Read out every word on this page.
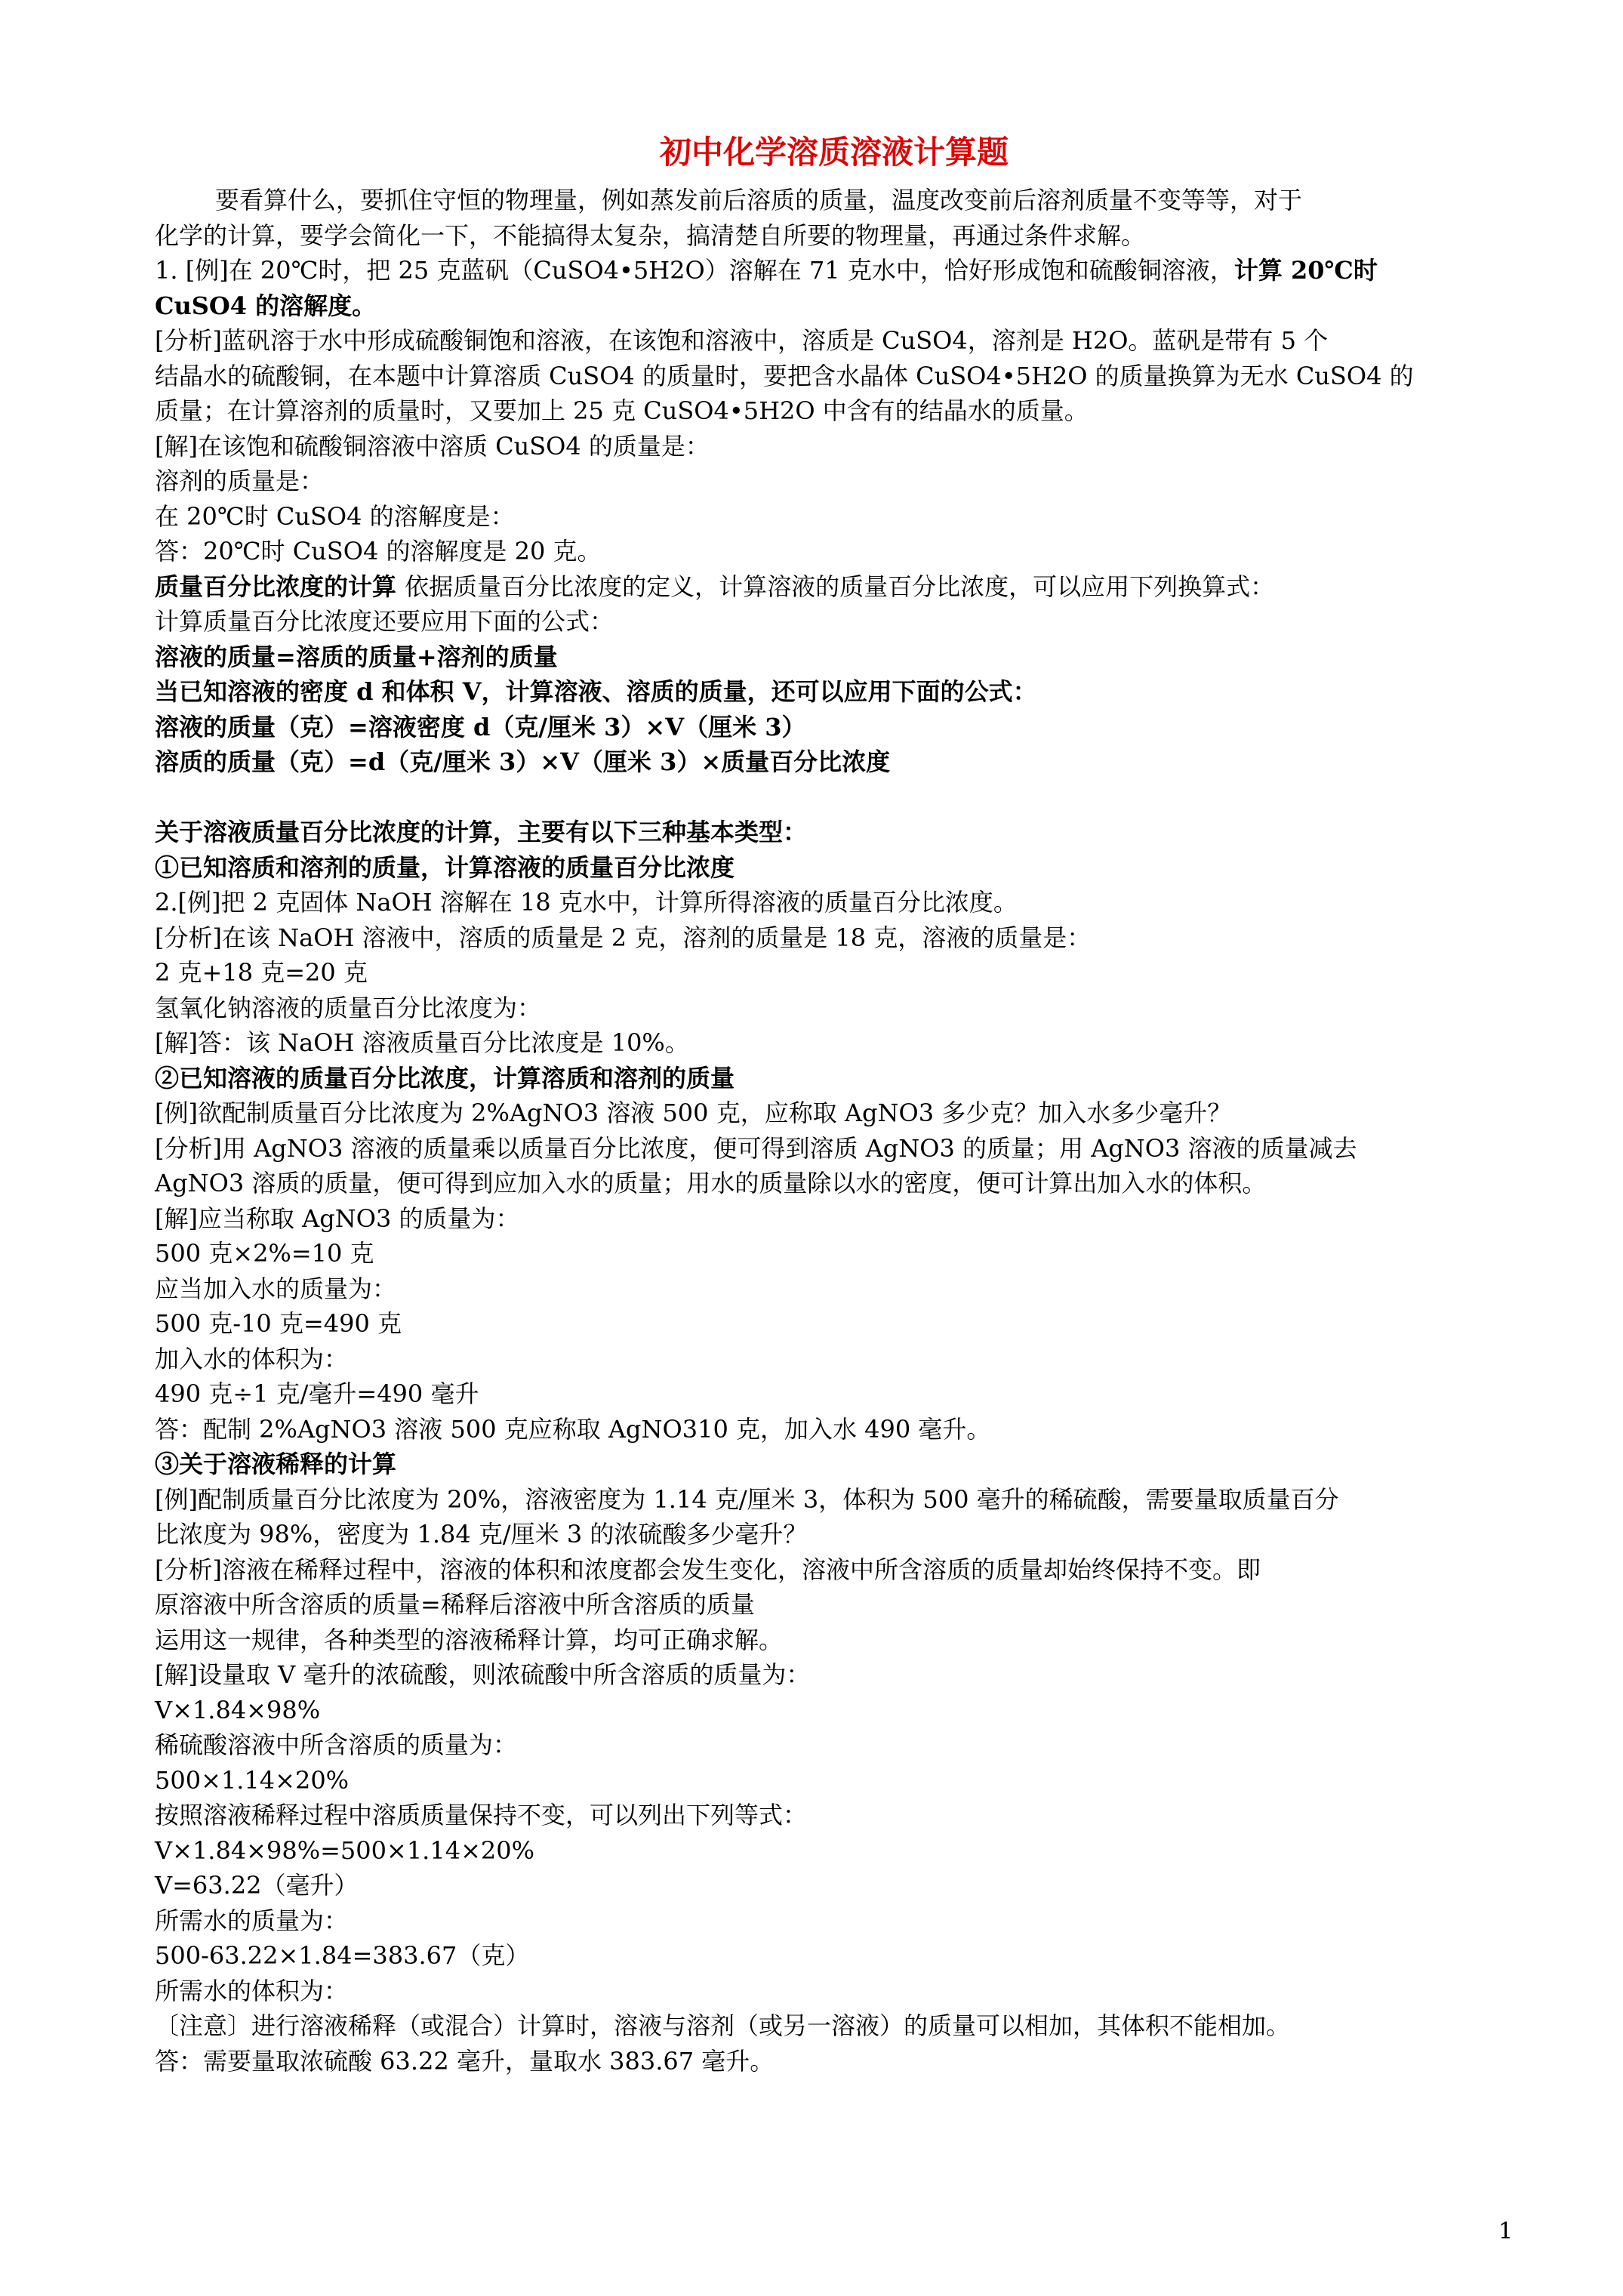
初中化学溶质溶液计算题
要看算什么，要抓住守恒的物理量，例如蒸发前后溶质的质量，温度改变前后溶剂质量不变等等，对于
化学的计算，要学会简化一下，不能搞得太复杂，搞清楚自所要的物理量，再通过条件求解。
1. [例]在 20℃时，把 25 克蓝矾（CuSO4•5H2O）溶解在 71 克水中，恰好形成饱和硫酸铜溶液，计算 20℃时
CuSO4 的溶解度。
[分析]蓝矾溶于水中形成硫酸铜饱和溶液，在该饱和溶液中，溶质是 CuSO4，溶剂是 H2O。蓝矾是带有 5 个
结晶水的硫酸铜，在本题中计算溶质 CuSO4 的质量时，要把含水晶体 CuSO4•5H2O 的质量换算为无水 CuSO4 的
质量；在计算溶剂的质量时，又要加上 25 克 CuSO4•5H2O 中含有的结晶水的质量。
[解]在该饱和硫酸铜溶液中溶质 CuSO4 的质量是：
溶剂的质量是：
在 20℃时 CuSO4 的溶解度是：
答：20℃时 CuSO4 的溶解度是 20 克。
质量百分比浓度的计算 依据质量百分比浓度的定义，计算溶液的质量百分比浓度，可以应用下列换算式：
计算质量百分比浓度还要应用下面的公式：
溶液的质量=溶质的质量+溶剂的质量
当已知溶液的密度 d 和体积 V，计算溶液、溶质的质量，还可以应用下面的公式：
溶液的质量（克）=溶液密度 d（克/厘米 3）×V（厘米 3）
溶质的质量（克）=d（克/厘米 3）×V（厘米 3）×质量百分比浓度
关于溶液质量百分比浓度的计算，主要有以下三种基本类型：
①已知溶质和溶剂的质量，计算溶液的质量百分比浓度
2.[例]把 2 克固体 NaOH 溶解在 18 克水中，计算所得溶液的质量百分比浓度。
[分析]在该 NaOH 溶液中，溶质的质量是 2 克，溶剂的质量是 18 克，溶液的质量是：
2 克+18 克=20 克
氢氧化钠溶液的质量百分比浓度为：
[解]答：该 NaOH 溶液质量百分比浓度是 10%。
②已知溶液的质量百分比浓度，计算溶质和溶剂的质量
[例]欲配制质量百分比浓度为 2%AgNO3 溶液 500 克，应称取 AgNO3 多少克？加入水多少毫升？
[分析]用 AgNO3 溶液的质量乘以质量百分比浓度，便可得到溶质 AgNO3 的质量；用 AgNO3 溶液的质量减去
AgNO3 溶质的质量，便可得到应加入水的质量；用水的质量除以水的密度，便可计算出加入水的体积。
[解]应当称取 AgNO3 的质量为：
500 克×2%=10 克
应当加入水的质量为：
500 克-10 克=490 克
加入水的体积为：
490 克÷1 克/毫升=490 毫升
答：配制 2%AgNO3 溶液 500 克应称取 AgNO310 克，加入水 490 毫升。
③关于溶液稀释的计算
[例]配制质量百分比浓度为 20%，溶液密度为 1.14 克/厘米 3，体积为 500 毫升的稀硫酸，需要量取质量百分
比浓度为 98%，密度为 1.84 克/厘米 3 的浓硫酸多少毫升？
[分析]溶液在稀释过程中，溶液的体积和浓度都会发生变化，溶液中所含溶质的质量却始终保持不变。即
原溶液中所含溶质的质量=稀释后溶液中所含溶质的质量
运用这一规律，各种类型的溶液稀释计算，均可正确求解。
[解]设量取 V 毫升的浓硫酸，则浓硫酸中所含溶质的质量为：
V×1.84×98%
稀硫酸溶液中所含溶质的质量为：
500×1.14×20%
按照溶液稀释过程中溶质质量保持不变，可以列出下列等式：
V×1.84×98%=500×1.14×20%
V=63.22（毫升）
所需水的质量为：
500-63.22×1.84=383.67（克）
所需水的体积为：
〔注意〕进行溶液稀释（或混合）计算时，溶液与溶剂（或另一溶液）的质量可以相加，其体积不能相加。
答：需要量取浓硫酸 63.22 毫升，量取水 383.67 毫升。
1
